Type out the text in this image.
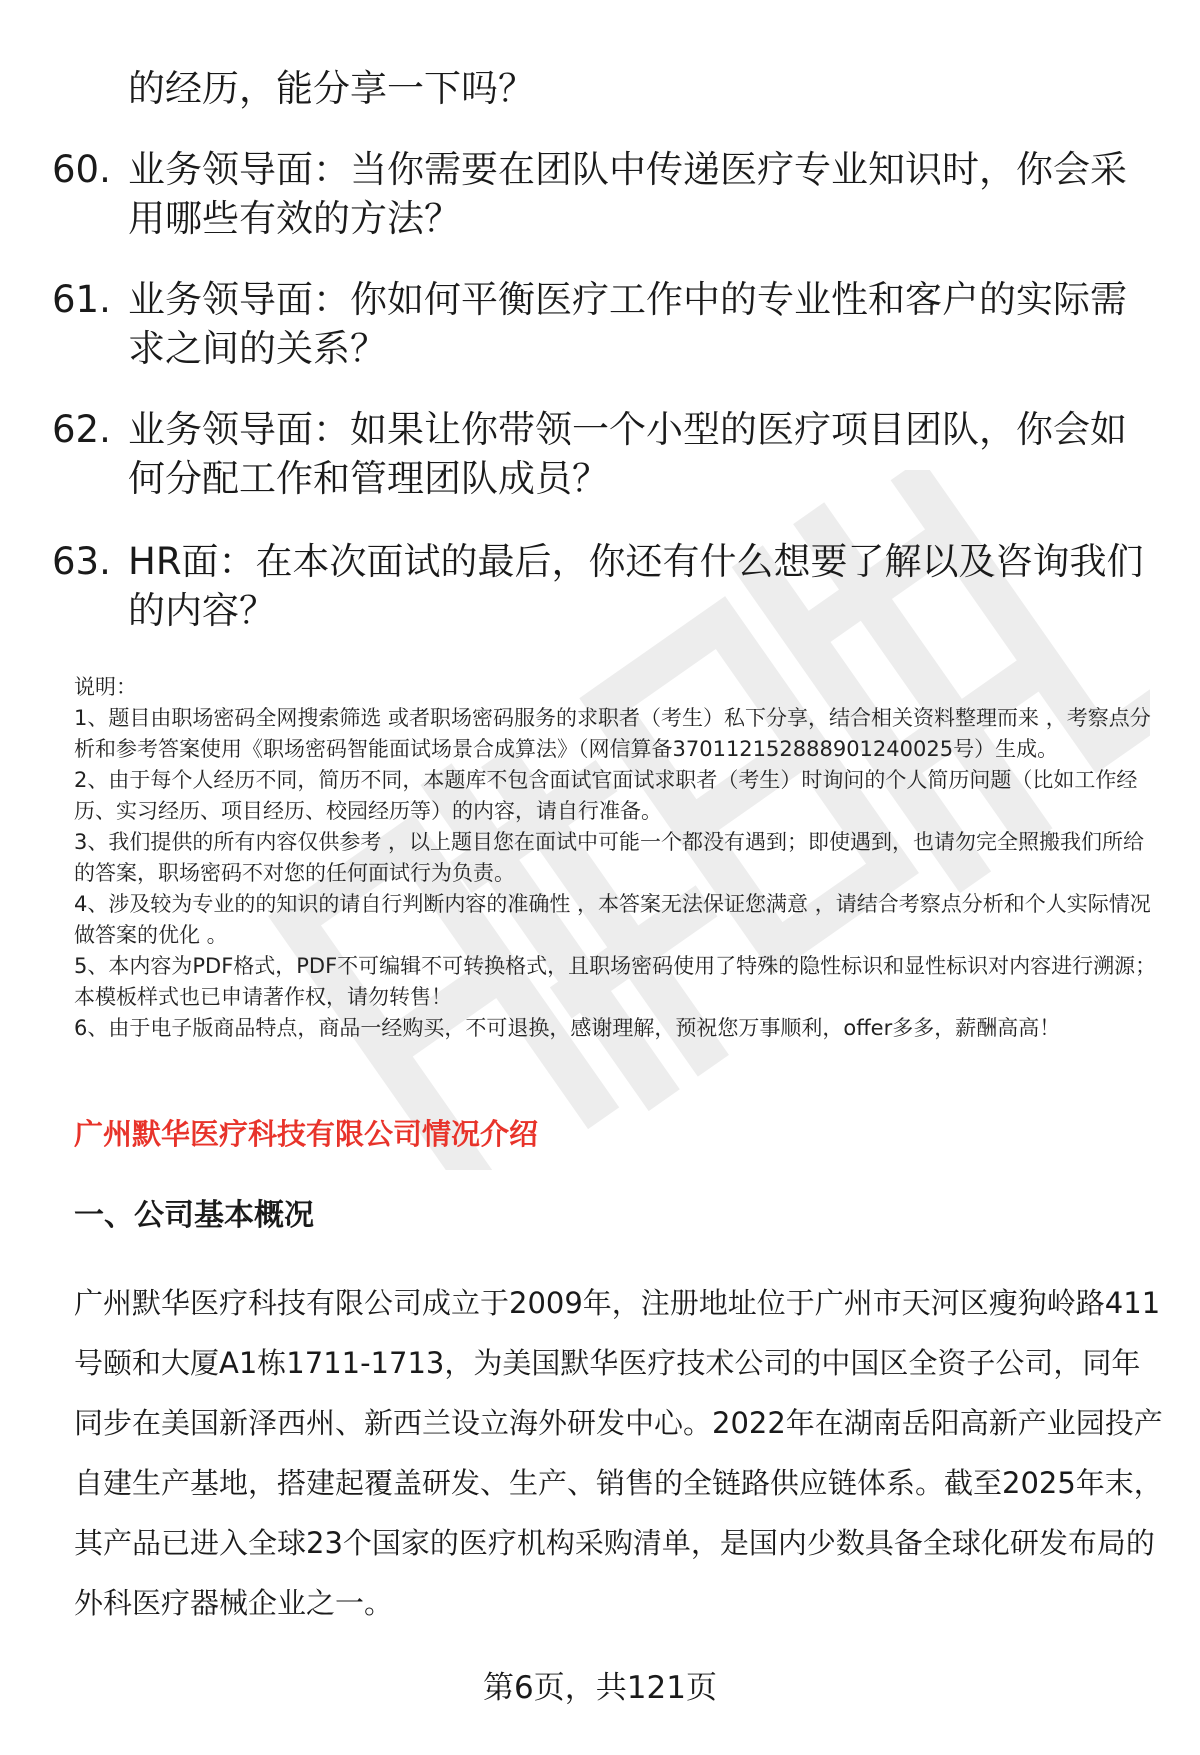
的经历，能分享一下吗？
60. 业务领导面：当你需要在团队中传递医疗专业知识时，你会采用哪些有效的方法？
61. 业务领导面：你如何平衡医疗工作中的专业性和客户的实际需求之间的关系？
62. 业务领导面：如果让你带领一个小型的医疗项目团队，你会如何分配工作和管理团队成员？
63. HR面：在本次面试的最后，你还有什么想要了解以及咨询我们的内容？

说明：

1、题目由职场密码全网搜索筛选 或者职场密码服务的求职者（考生）私下分享，结合相关资料整理而来 ，考察点分析和参考答案使用《职场密码智能面试场景合成算法》（网信算备370112152888901240025号）生成。

2、由于每个人经历不同，简历不同，本题库不包含面试官面试求职者（考生）时询问的个人简历问题（比如工作经历、实习经历、项目经历、校园经历等）的内容，请自行准备。

3、我们提供的所有内容仅供参考 ，以上题目您在面试中可能一个都没有遇到；即使遇到，也请勿完全照搬我们所给的答案，职场密码不对您的任何面试行为负责。

4、涉及较为专业的的知识的请自行判断内容的准确性 ，本答案无法保证您满意 ，请结合考察点分析和个人实际情况做答案的优化 。

5、本内容为PDF格式，PDF不可编辑不可转换格式，且职场密码使用了特殊的隐性标识和显性标识对内容进行溯源；本模板样式也已申请著作权，请勿转售！

6、由于电子版商品特点，商品一经购买，不可退换，感谢理解，预祝您万事顺利，offer多多，薪酬高高！

广州默华医疗科技有限公司情况介绍
一、公司基本概况

广州默华医疗科技有限公司成立于2009年，注册地址位于广州市天河区瘦狗岭路411号颐和大厦A1栋1711-1713，为美国默华医疗技术公司的中国区全资子公司，同年同步在美国新泽西州、新西兰设立海外研发中心。2022年在湖南岳阳高新产业园投产自建生产基地，搭建起覆盖研发、生产、销售的全链路供应链体系。截至2025年末，其产品已进入全球23个国家的医疗机构采购清单，是国内少数具备全球化研发布局的外科医疗器械企业之一。

第6页，共121页
